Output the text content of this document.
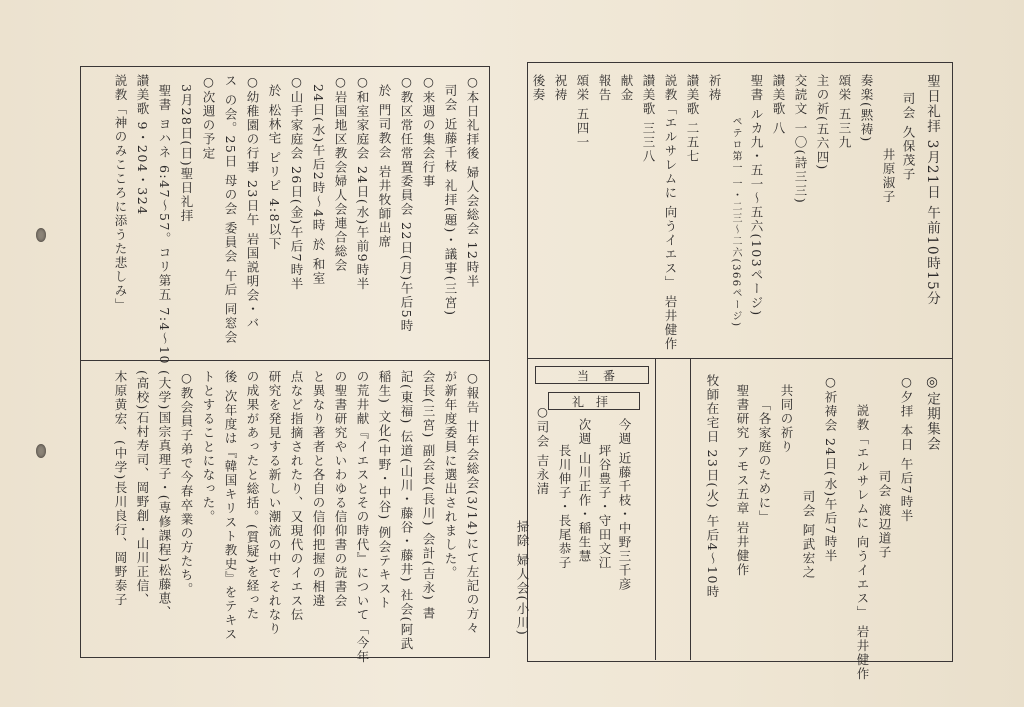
当番
礼拝
○本日礼拝後 婦人会総会 12時半
司会 近藤千枝 礼拝(題)・議事(三宮)
○来週の集会行事
○教区常任常置委員会 22日(月)午后5時
於 門司教会 岩井牧師出席
○和室家庭会 24日(水)午前9時半
○岩国地区教会婦人会連合総会
24日(水)午后2時～4時 於 和室
○山手家庭会 26日(金)午后7時半
於 松林宅 ピリピ 4:8以下
○幼稚園の行事 23日午 岩国説明会・バ
ス の会。25日 母の会 委員会 午后 同窓会
○次週の予定
3月28日(日)聖日礼拝
聖書 ヨハネ 6:47～57。コリ第五 7:4～10
讃美歌 9・204・324
説教「神のみこころに添うた悲しみ」
○報告 廿年会総会(3/14)にて左記の方々
が新年度委員に選出されました。
会長(三宮) 副会長(長川) 会計(吉永) 書
記(東福) 伝道(山川・藤谷・藤井) 社会(阿武
稲生) 文化(中野・中谷) 例会テキスト
の荒井献『イエスとその時代』について「今年
の聖書研究やいわゆる信仰書の読書会
と異なり著者と各自の信仰把握の相違
点など指摘されたり、又現代のイエス伝
研究を発見する新しい潮流の中でそれなり
の成果があったと総括。(質疑)を経った
後 次年度は『韓国キリスト教史』をテキス
トとすることになった。
○教会員子弟で今春卒業の方たち。
(大学)国宗真理子・(専修課程)松藤恵、
(高校)石村寿司、岡野創・山川正信、
木原黄宏、(中学)長川良行、岡野泰子
聖日礼拝 3月21日 午前10時15分
司会 久保茂子
井原淑子
奏楽(黙祷)
頌栄 五三九
主の祈(五六四)
交読文 一〇(詩三三)
讃美歌 八
聖書 ルカ九・五一～五六(103ページ)
ペテロ第一 一・二三～二六(366ページ)
祈祷
讃美歌 二五七
説教「エルサレムに 向うイエス」 岩井健作
讃美歌 三三八
献金
報告
頌栄 五四一
祝祷
後奏
◎定期集会
○夕拝 本日 午后7時半
司会 渡辺道子
説教「エルサレムに 向うイエス」 岩井健作
○祈祷会 24日(水)午后7時半
司会 阿武宏之
共同の祈り
「各家庭のために」
聖書研究 アモス五章 岩井健作
牧師在宅日 23日(火) 午后4～10時
今週 近藤千枝・中野三千彦
坪谷豊子・守田文江
次週 山川正作・稲生慧
長川伸子・長尾恭子
○司会 吉永清
掃除 婦人会(小川)
